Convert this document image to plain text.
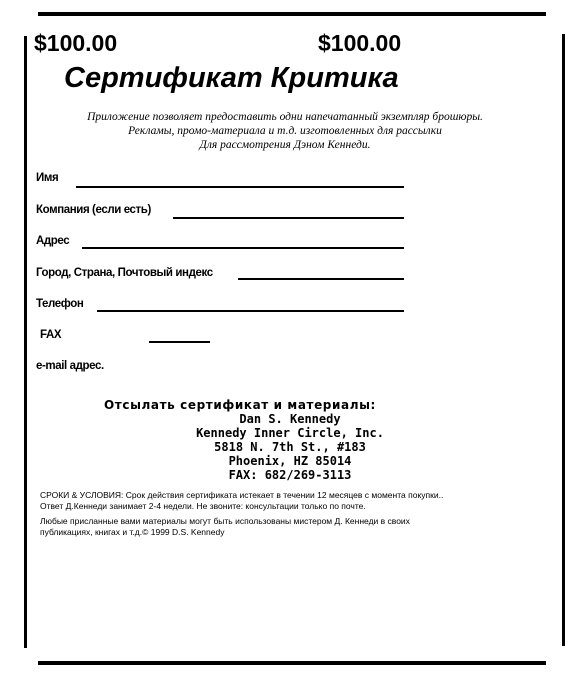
$100.00	$100.00
Сертификат Критика
Приложение позволяет предоставить одни напечатанный экземпляр брошюры.
Рекламы, промо-материала и т.д. изготовленных для рассылки
Для рассмотрения Дэном Кеннеди.
Имя
Компания (если есть)
Адрес
Город, Страна, Почтовый индекс
Телефон
FAX
e-mail адрес.
Отсылать сертификат и материалы:
Dan S. Kennedy
Kennedy Inner Circle, Inc.
5818 N. 7th St., #183
Phoenix, HZ 85014
FAX: 682/269-3113
СРОКИ & УСЛОВИЯ: Срок действия сертификата истекает в течении 12 месяцев с момента покупки..
Ответ Д.Кеннеди занимает 2-4 недели. Не звоните: консультации только по почте.
Любые присланные вами материалы могут быть использованы мистером Д. Кеннеди в своих
публикациях, книгах и т.д.© 1999 D.S. Kennedy
